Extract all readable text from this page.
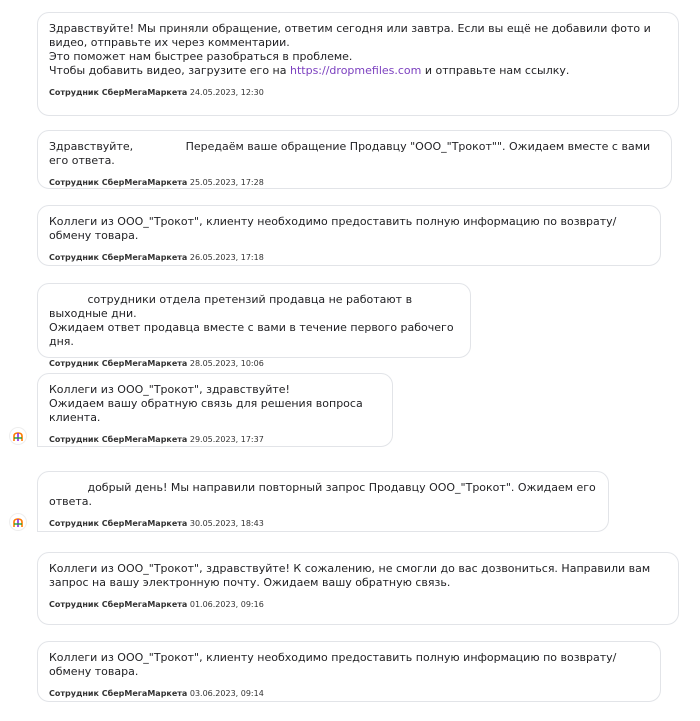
Здравствуйте! Мы приняли обращение, ответим сегодня или завтра. Если вы ещё не добавили фото и видео, отправьте их через комментарии.
Это поможет нам быстрее разобраться в проблеме.
Чтобы добавить видео, загрузите его на https://dropmefiles.com и отправьте нам ссылку.
Сотрудник СберМегаМаркета 24.05.2023, 12:30
Здравствуйте,               Передаём ваше обращение Продавцу "ООО_"Трокот"". Ожидаем вместе с вами его ответа.
Сотрудник СберМегаМаркета 25.05.2023, 17:28
Коллеги из ООО_"Трокот", клиенту необходимо предоставить полную информацию по возврату/обмену товара.
Сотрудник СберМегаМаркета 26.05.2023, 17:18
сотрудники отдела претензий продавца не работают в выходные дни.
Ожидаем ответ продавца вместе с вами в течение первого рабочего дня.
Сотрудник СберМегаМаркета 28.05.2023, 10:06
Коллеги из ООО_"Трокот", здравствуйте!
Ожидаем вашу обратную связь для решения вопроса клиента.
Сотрудник СберМегаМаркета 29.05.2023, 17:37
добрый день! Мы направили повторный запрос Продавцу ООО_"Трокот". Ожидаем его ответа.
Сотрудник СберМегаМаркета 30.05.2023, 18:43
Коллеги из ООО_"Трокот", здравствуйте! К сожалению, не смогли до вас дозвониться. Направили вам запрос на вашу электронную почту. Ожидаем вашу обратную связь.
Сотрудник СберМегаМаркета 01.06.2023, 09:16
Коллеги из ООО_"Трокот", клиенту необходимо предоставить полную информацию по возврату/обмену товара.
Сотрудник СберМегаМаркета 03.06.2023, 09:14
